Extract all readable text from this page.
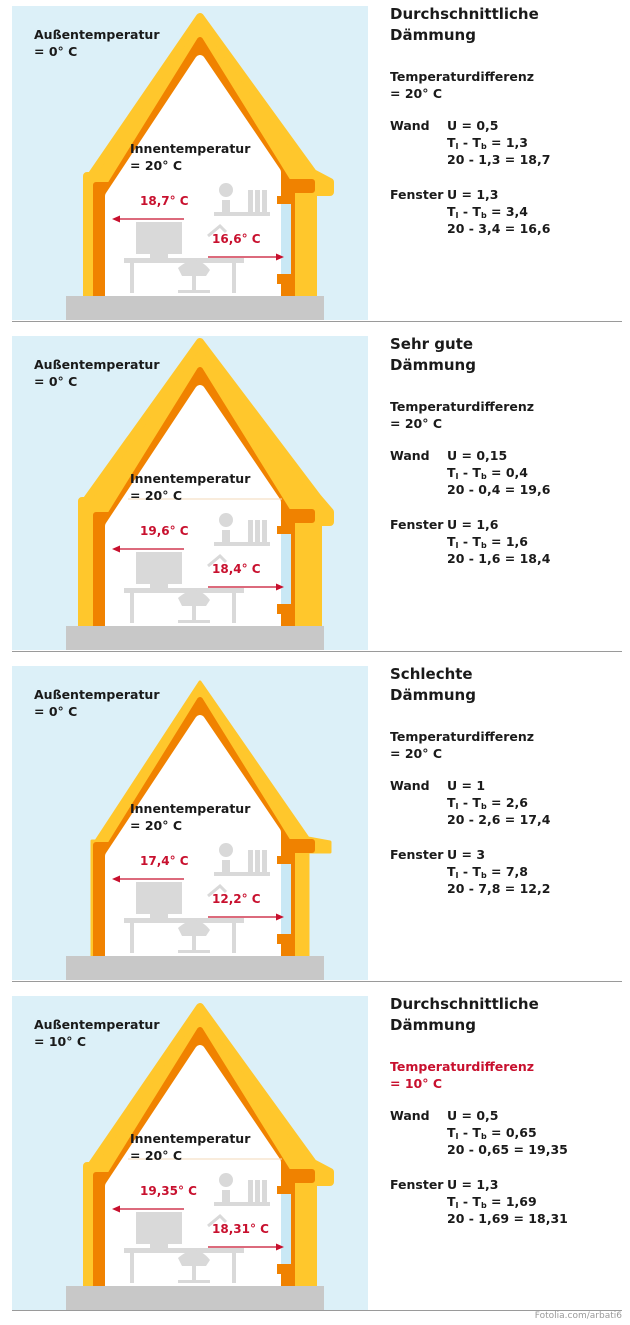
Außentemperatur
= 0° C
Innentemperatur
= 20° C
18,7° C
16,6° C
Durchschnittliche
Dämmung
Temperaturdifferenz
= 20° C
Wand U = 0,5
$T_I - T_b = 1,3$
20 - 1,3 = 18,7
Fenster U = 1,3
$T_I - T_b = 3,4$
20 - 3,4 = 16,6
Außentemperatur
= 0° C
Innentemperatur
= 20° C
19,6° C
18,4° C
Sehr gute
Dämmung
Temperaturdifferenz
= 20° C
Wand U = 0,15
$T_I - T_b = 0,4$
20 - 0,4 = 19,6
Fenster U = 1,6
$T_I - T_b = 1,6$
20 - 1,6 = 18,4
Außentemperatur
= 0° C
Innentemperatur
= 20° C
17,4° C
12,2° C
Schlechte
Dämmung
Temperaturdifferenz
= 20° C
Wand U = 1
$T_I - T_b = 2,6$
20 - 2,6 = 17,4
Fenster U = 3
$T_I - T_b = 7,8$
20 - 7,8 = 12,2
Außentemperatur
= 10° C
Innentemperatur
= 20° C
19,35° C
18,31° C
Durchschnittliche
Dämmung
Temperaturdifferenz
= 10° C
Wand U = 0,5
$T_I - T_b = 0,65$
20 - 0,65 = 19,35
Fenster U = 1,3
$T_I - T_b = 1,69$
20 - 1,69 = 18,31
Fotolia.com/arbati6
